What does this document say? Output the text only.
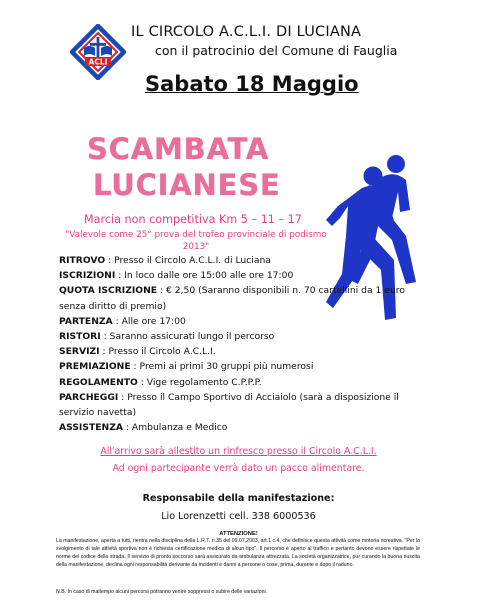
ACLI
IL CIRCOLO A.C.L.I. DI LUCIANA
con il patrocinio del Comune di Fauglia
Sabato 18 Maggio
SCAMBATA
LUCIANESE
Marcia non competitiva Km 5 – 11 – 17
"Valevole come 25° prova del trofeo provinciale di podismo 2013"
RITROVO : Presso il Circolo A.C.L.I. di Luciana
ISCRIZIONI : In loco dalle ore 15:00 alle ore 17:00
QUOTA ISCRIZIONE : € 2,50 (Saranno disponibili n. 70 cartellini da 1 euro senza diritto di premio)
PARTENZA : Alle ore 17:00
RISTORI : Saranno assicurati lungo il percorso
SERVIZI : Presso il Circolo A.C.L.I.
PREMIAZIONE : Premi ai primi 30 gruppi più numerosi
REGOLAMENTO : Vige regolamento C.P.P.P.
PARCHEGGI : Presso il Campo Sportivo di Acciaiolo (sarà a disposizione il servizio navetta)
ASSISTENZA : Ambulanza e Medico
All'arrivo sarà allestito un rinfresco presso il Circolo A.C.L.I.
Ad ogni partecipante verrà dato un pacco alimentare.
Responsabile della manifestazione:
Lio Lorenzetti cell. 338 6000536
ATTENZIONE!
La manifestazione, aperta a tutti, rientra nella disciplina della L.R.T. n.35 del 09.07.2003, art.1 c.4, che definisce questa attività come motoria ricreativa. "Per lo svolgimento di tale attività sportiva non è richiesta certificazione medica di alcun tipo". Il percorso è aperto al traffico e pertanto devono essere rispettate le norme del codice della strada. Il servizio di pronto soccorso sarà assicurato da ambulanza attrezzata. La società organizzatrice, pur curando la buona riuscita della manifestazione, declina ogni responsabilità derivante da incidenti e danni a persone o cose, prima, durante e dopo il raduno.
N.B. In caso di maltempo alcuni percorsi potranno venire soppressi o subire delle variazioni.
